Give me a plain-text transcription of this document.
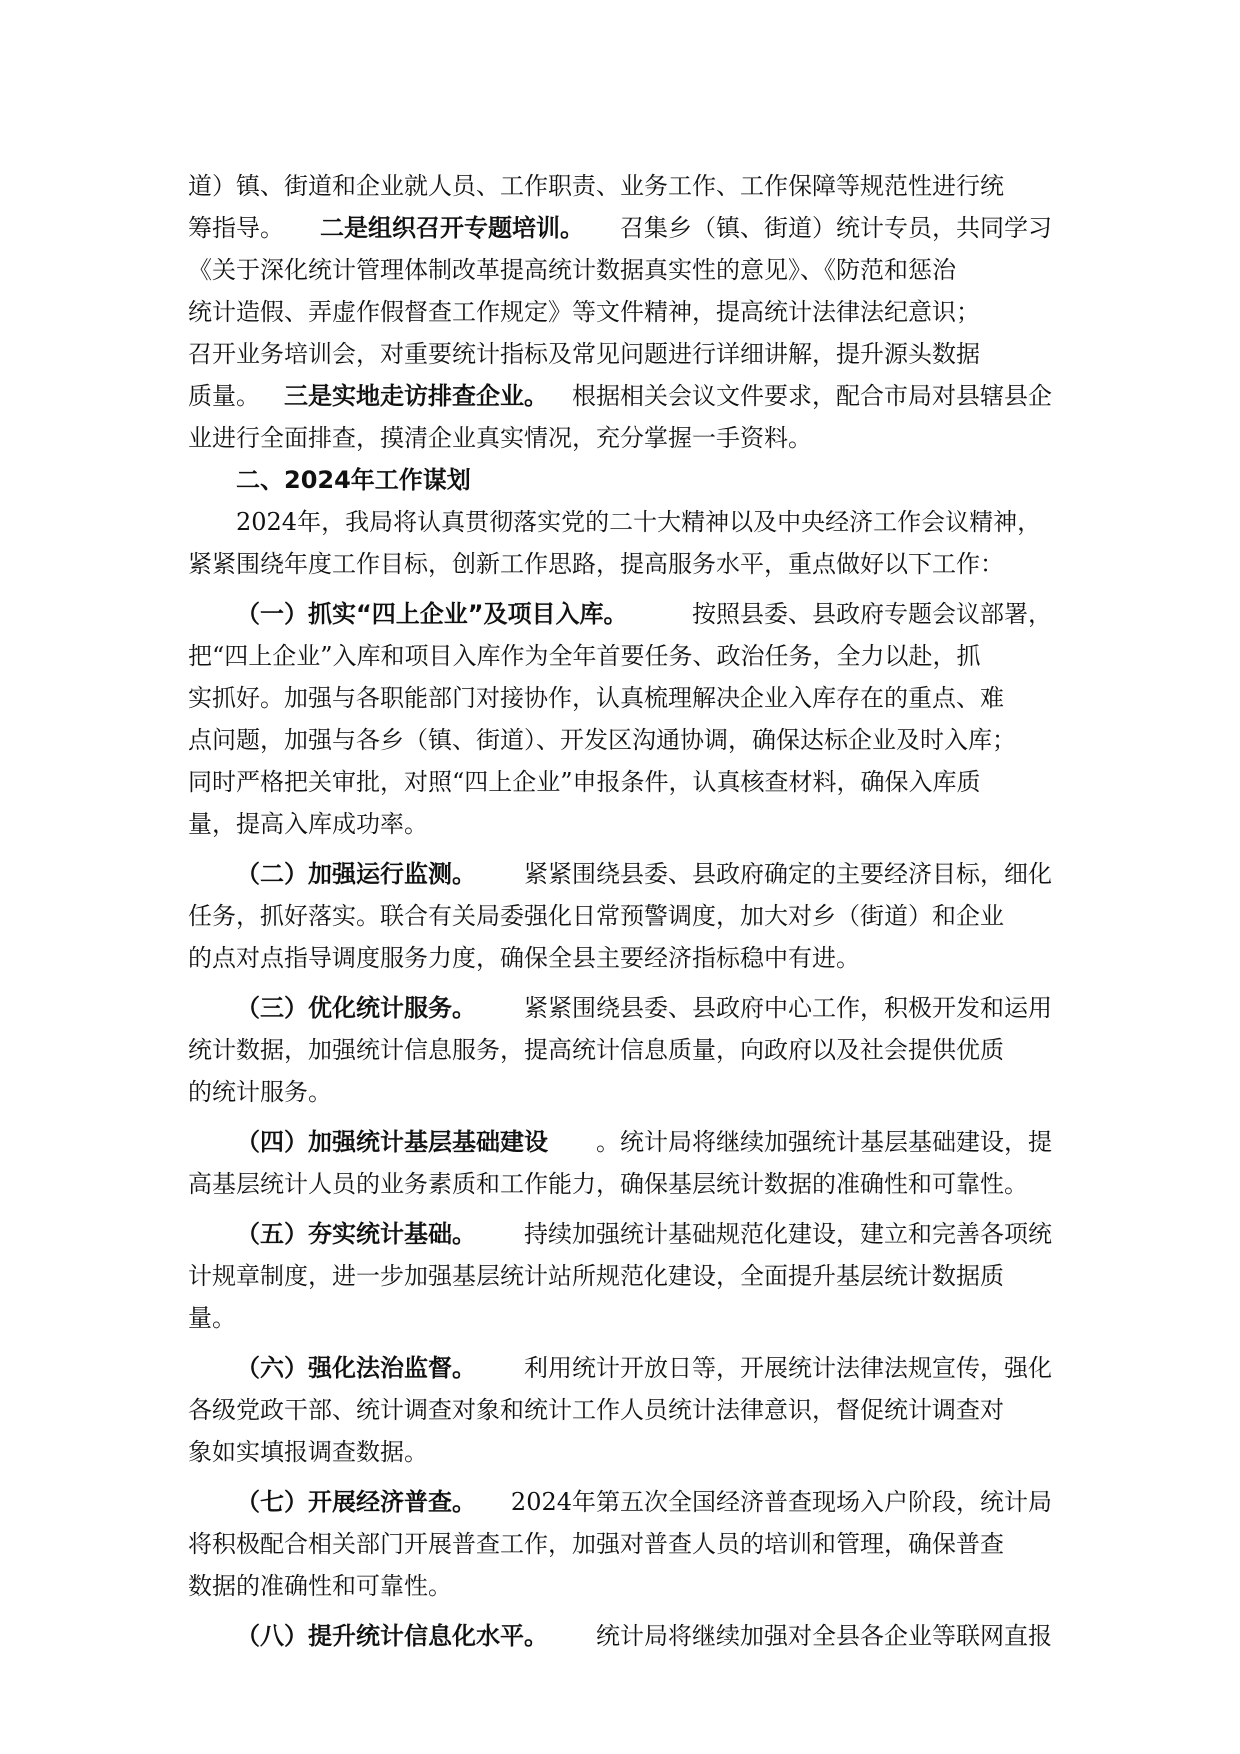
道）镇、街道和企业就人员、工作职责、业务工作、工作保障等规范性进行统
筹指导。 二是组织召开专题培训。 召集乡（镇、街道）统计专员，共同学习
《关于深化统计管理体制改革提高统计数据真实性的意见》、《防范和惩治
统计造假、弄虚作假督查工作规定》等文件精神，提高统计法律法纪意识；
召开业务培训会，对重要统计指标及常见问题进行详细讲解，提升源头数据
质量。 三是实地走访排查企业。 根据相关会议文件要求，配合市局对县辖县企
业进行全面排查，摸清企业真实情况，充分掌握一手资料。
二、2024年工作谋划
2024年，我局将认真贯彻落实党的二十大精神以及中央经济工作会议精神，
紧紧围绕年度工作目标，创新工作思路，提高服务水平，重点做好以下工作：
（一）抓实“四上企业”及项目入库。	按照县委、县政府专题会议部署，
把“四上企业”入库和项目入库作为全年首要任务、政治任务，全力以赴，抓
实抓好。加强与各职能部门对接协作，认真梳理解决企业入库存在的重点、难
点问题，加强与各乡（镇、街道）、开发区沟通协调，确保达标企业及时入库；
同时严格把关审批，对照“四上企业”申报条件，认真核查材料，确保入库质
量，提高入库成功率。
（二）加强运行监测。 紧紧围绕县委、县政府确定的主要经济目标，细化
任务，抓好落实。联合有关局委强化日常预警调度，加大对乡（街道）和企业
的点对点指导调度服务力度，确保全县主要经济指标稳中有进。
（三）优化统计服务。 紧紧围绕县委、县政府中心工作，积极开发和运用
统计数据，加强统计信息服务，提高统计信息质量，向政府以及社会提供优质
的统计服务。
（四）加强统计基层基础建设 。统计局将继续加强统计基层基础建设，提
高基层统计人员的业务素质和工作能力，确保基层统计数据的准确性和可靠性。
（五）夯实统计基础。 持续加强统计基础规范化建设，建立和完善各项统
计规章制度，进一步加强基层统计站所规范化建设，全面提升基层统计数据质
量。
（六）强化法治监督。 利用统计开放日等，开展统计法律法规宣传，强化
各级党政干部、统计调查对象和统计工作人员统计法律意识，督促统计调查对
象如实填报调查数据。
（七）开展经济普查。 2024年第五次全国经济普查现场入户阶段，统计局
将积极配合相关部门开展普查工作，加强对普查人员的培训和管理，确保普查
数据的准确性和可靠性。
（八）提升统计信息化水平。 统计局将继续加强对全县各企业等联网直报
